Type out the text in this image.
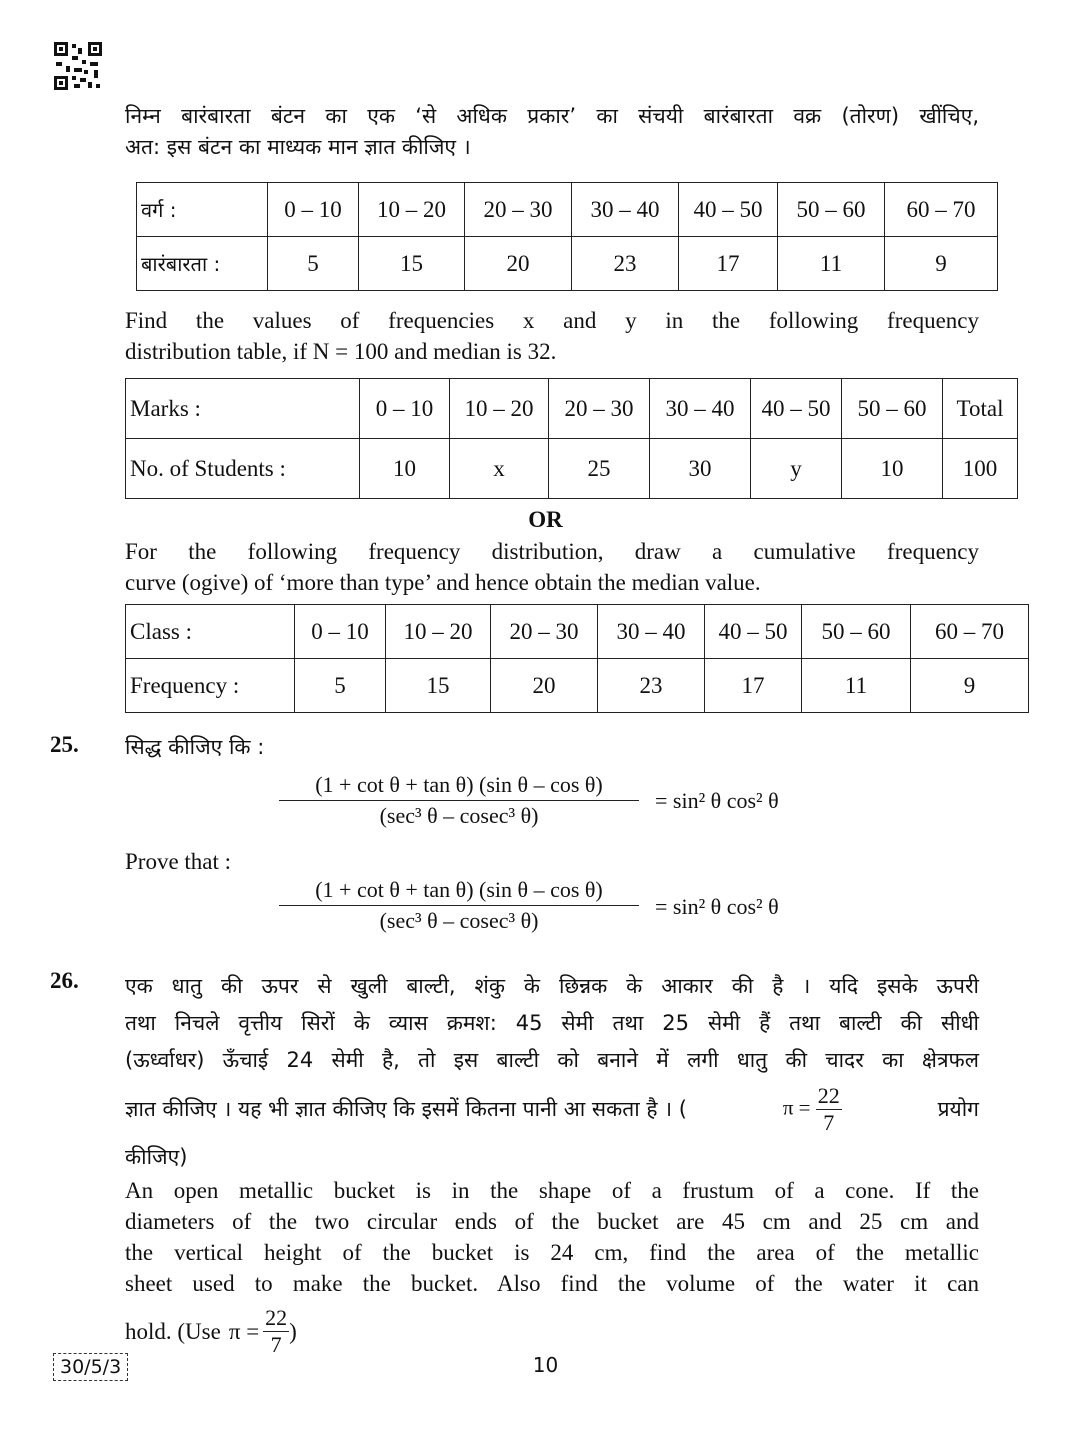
निम्न बारंबारता बंटन का एक ‘से अधिक प्रकार’ का संचयी बारंबारता वक्र (तोरण) खींचिए,
अत: इस बंटन का माध्यक मान ज्ञात कीजिए ।
वर्ग :	0 – 10	10 – 20	20 – 30	30 – 40	40 – 50	50 – 60	60 – 70
बारंबारता :	5	15	20	23	17	11	9
Find the values of frequencies x and y in the following frequency
distribution table, if N = 100 and median is 32.
Marks :	0 – 10	10 – 20	20 – 30	30 – 40	40 – 50	50 – 60	Total
No. of Students :	10	x	25	30	y	10	100
OR
For the following frequency distribution, draw a cumulative frequency
curve (ogive) of ‘more than type’ and hence obtain the median value.
Class :	0 – 10	10 – 20	20 – 30	30 – 40	40 – 50	50 – 60	60 – 70
Frequency :	5	15	20	23	17	11	9
25. सिद्ध कीजिए कि :
(1 + cot θ + tan θ) (sin θ – cos θ)
(sec³ θ – cosec³ θ)
= sin² θ cos² θ
Prove that :
(1 + cot θ + tan θ) (sin θ – cos θ)
(sec³ θ – cosec³ θ)
= sin² θ cos² θ
26. एक धातु की ऊपर से खुली बाल्टी, शंकु के छिन्नक के आकार की है । यदि इसके ऊपरी
तथा निचले वृत्तीय सिरों के व्यास क्रमश: 45 सेमी तथा 25 सेमी हैं तथा बाल्टी की सीधी
(ऊर्ध्वाधर) ऊँचाई 24 सेमी है, तो इस बाल्टी को बनाने में लगी धातु की चादर का क्षेत्रफल
ज्ञात कीजिए । यह भी ज्ञात कीजिए कि इसमें कितना पानी आ सकता है । (	$\pi = \frac{22}{7}$	प्रयोग
कीजिए)
An open metallic bucket is in the shape of a frustum of a cone. If the
diameters of the two circular ends of the bucket are 45 cm and 25 cm and
the vertical height of the bucket is 24 cm, find the area of the metallic
sheet used to make the bucket. Also find the volume of the water it can
hold. (Use $\pi = \frac{22}{7}$ )
30/5/3	10
